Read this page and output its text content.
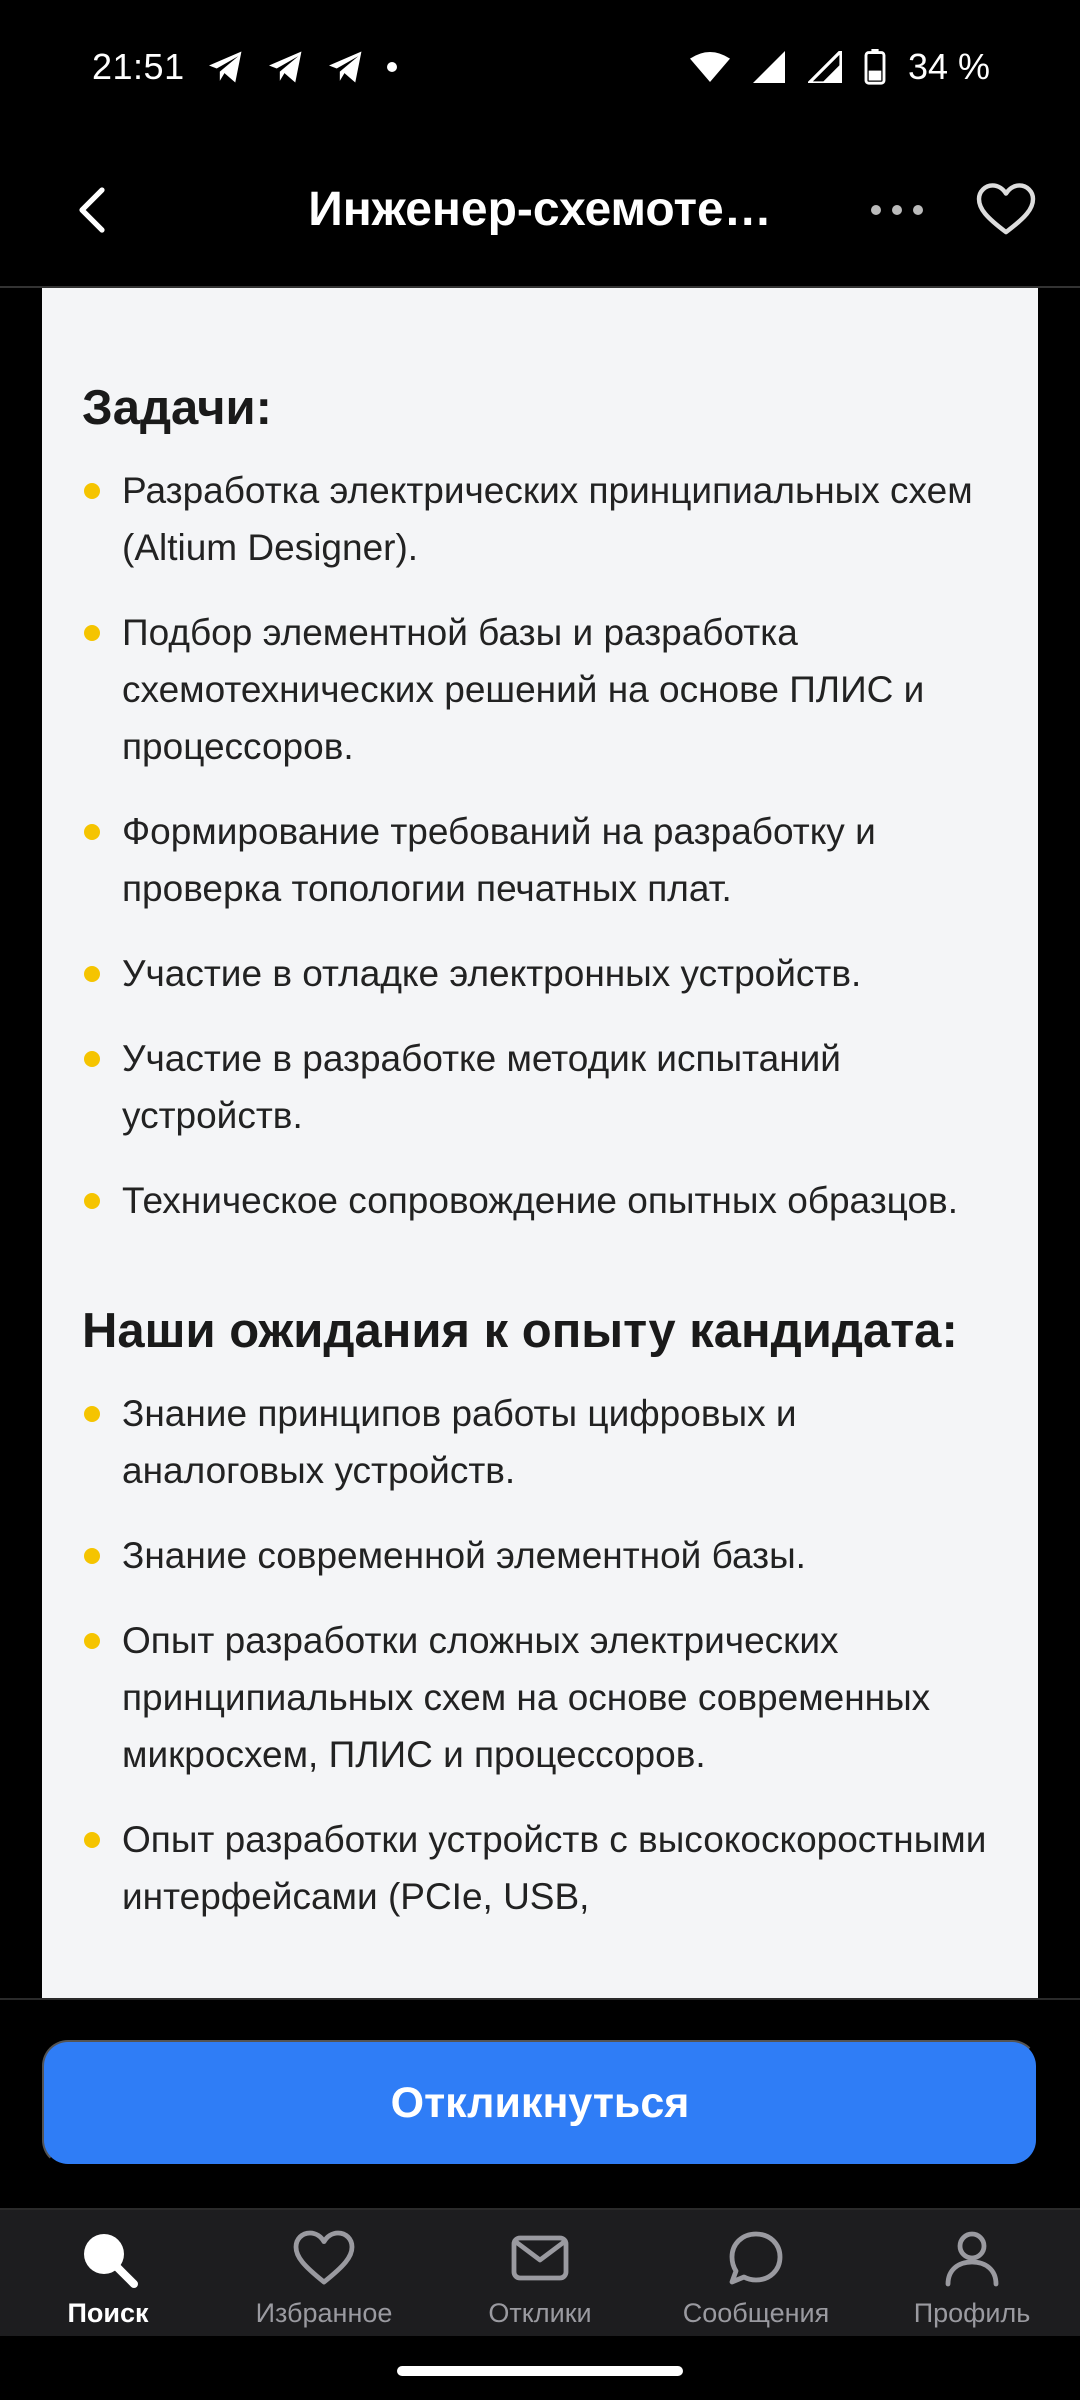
21:51	34 %
Инженер-схемоте…
Задачи:
Разработка электрических принципиальных схем (Altium Designer).
Подбор элементной базы и разработка схемотехнических решений на основе ПЛИС и процессоров.
Формирование требований на разработку и проверка топологии печатных плат.
Участие в отладке электронных устройств.
Участие в разработке методик испытаний устройств.
Техническое сопровождение опытных образцов.
Наши ожидания к опыту кандидата:
Знание принципов работы цифровых и аналоговых устройств.
Знание современной элементной базы.
Опыт разработки сложных электрических принципиальных схем на основе современных микросхем, ПЛИС и процессоров.
Опыт разработки устройств с высокоскоростными интерфейсами (PCIe, USB,
Откликнуться
Поиск	Избранное	Отклики	Сообщения	Профиль
